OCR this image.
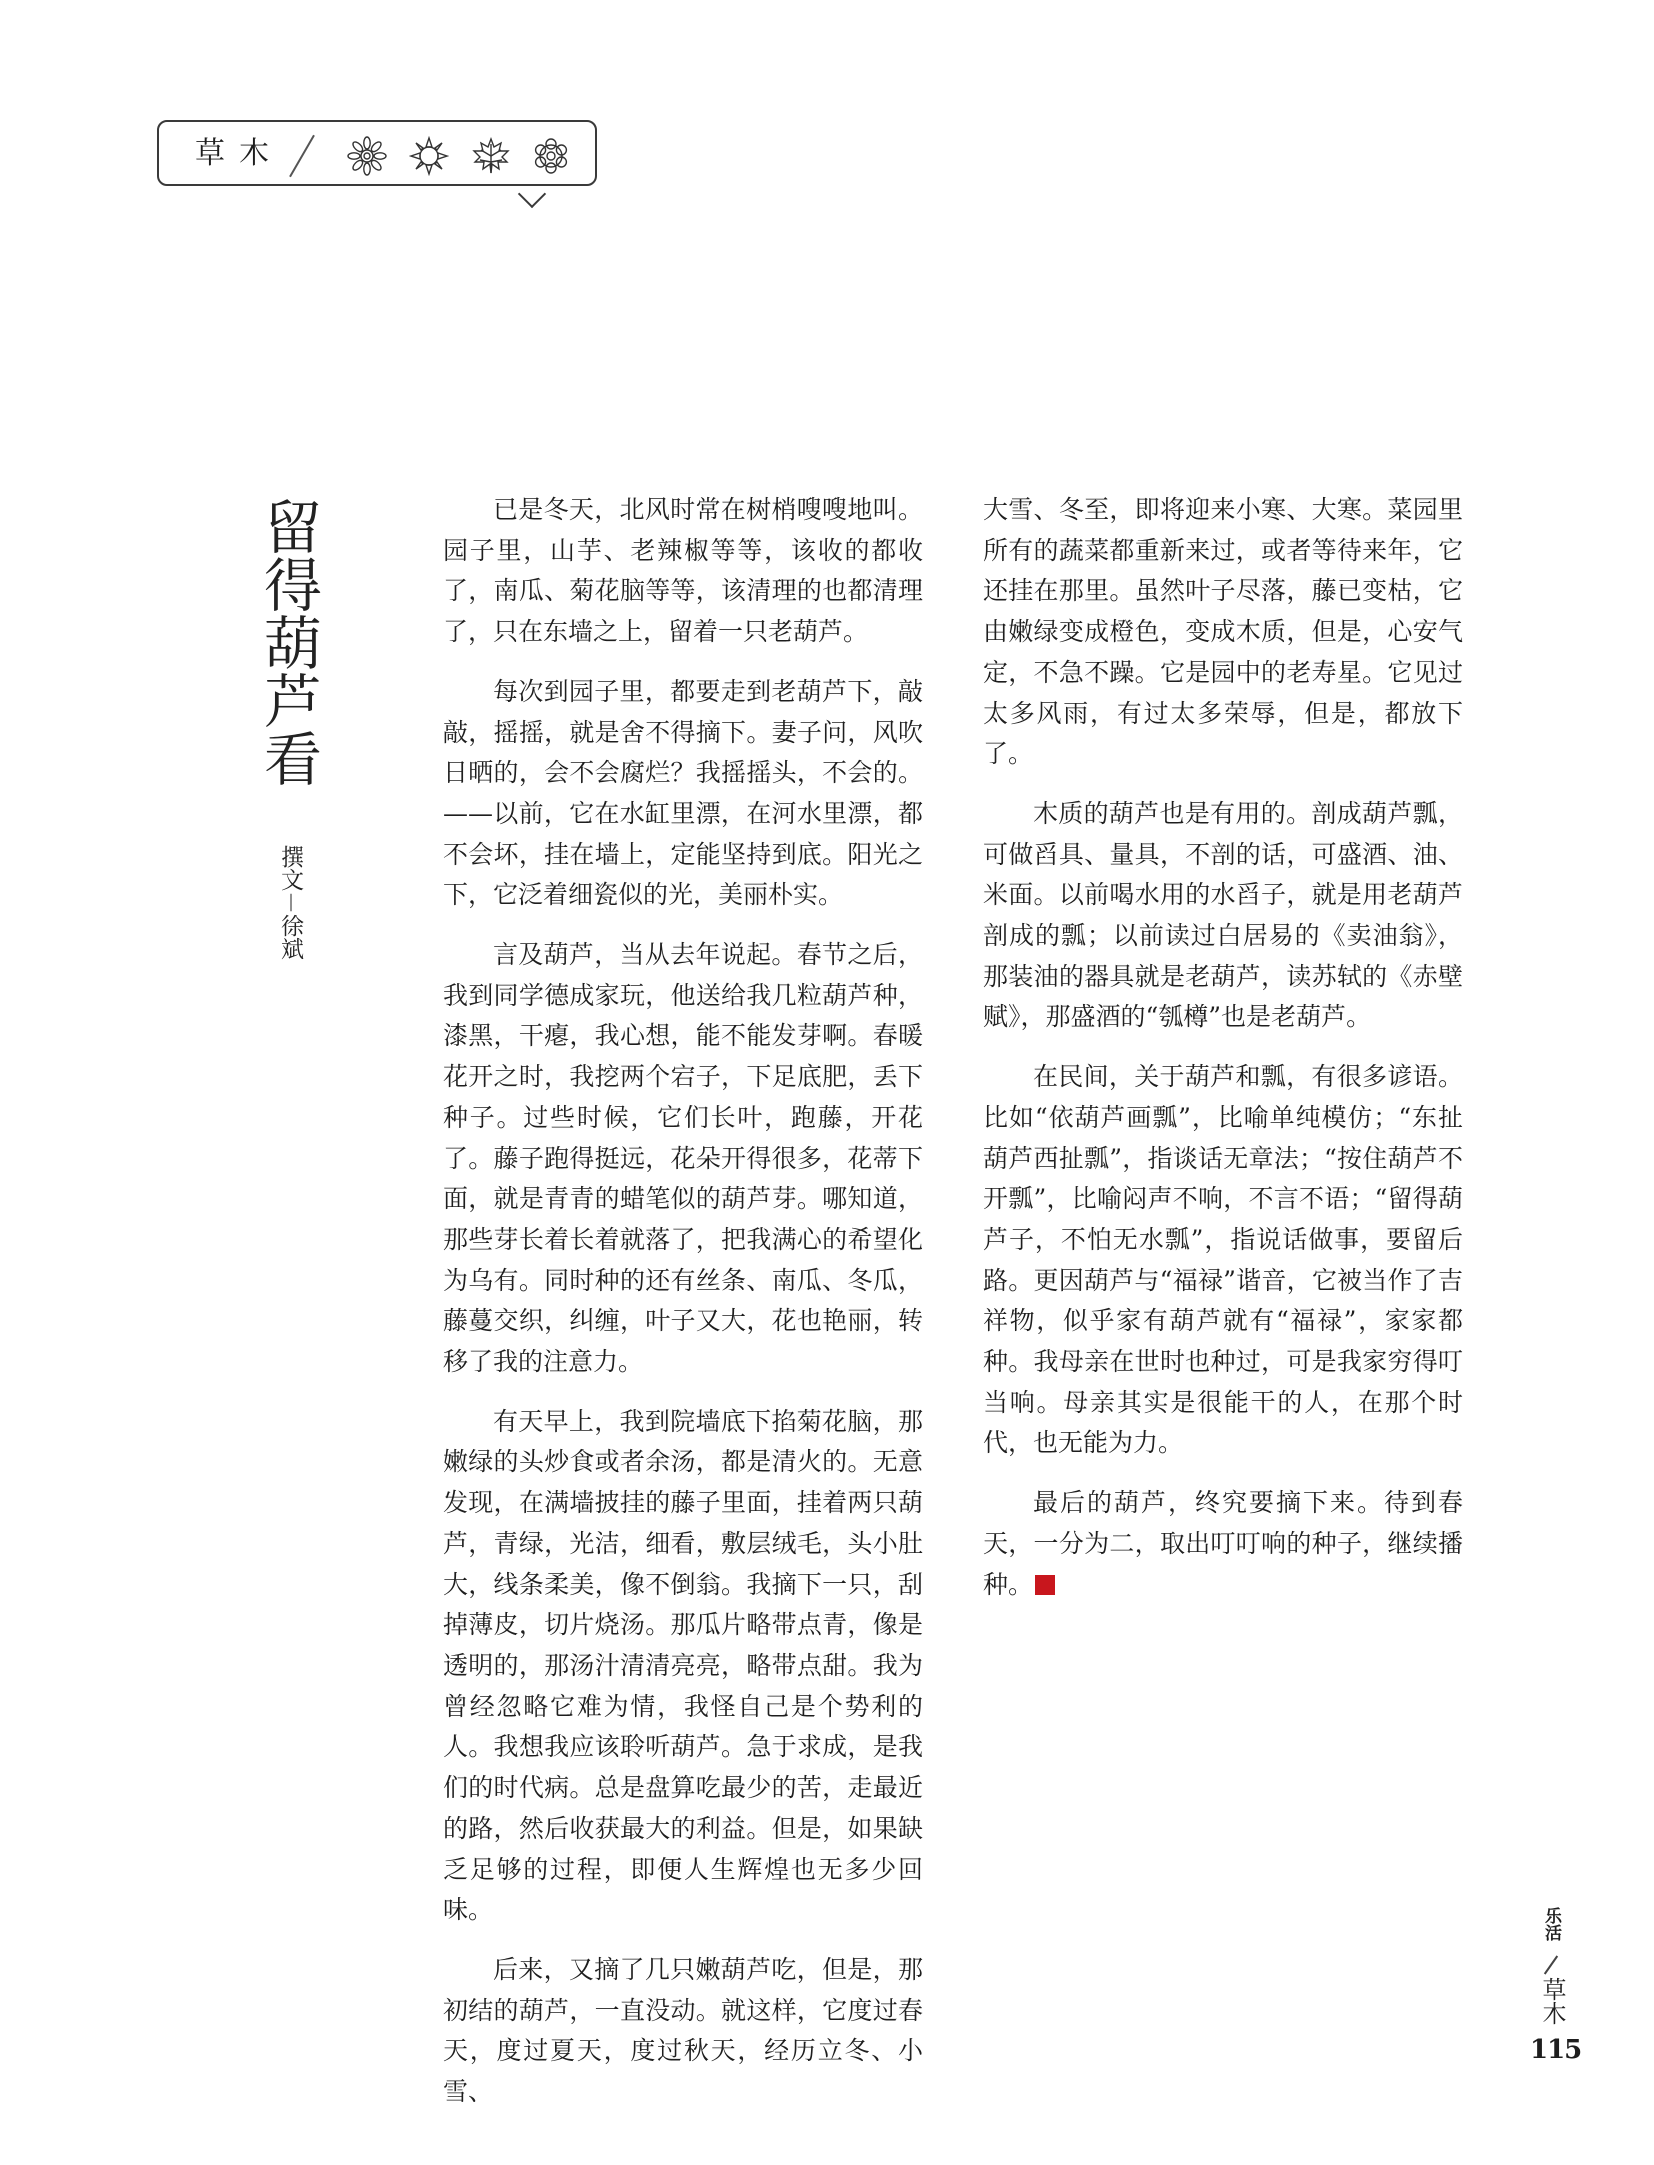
草木
留得葫芦看
撰文－徐斌

已是冬天，北风时常在树梢嗖嗖地叫。园子里，山芋、老辣椒等等，该收的都收了，南瓜、菊花脑等等，该清理的也都清理了，只在东墙之上，留着一只老葫芦。

每次到园子里，都要走到老葫芦下，敲敲，摇摇，就是舍不得摘下。妻子问，风吹日晒的，会不会腐烂？我摇摇头，不会的。——以前，它在水缸里漂，在河水里漂，都不会坏，挂在墙上，定能坚持到底。阳光之下，它泛着细瓷似的光，美丽朴实。

言及葫芦，当从去年说起。春节之后，我到同学德成家玩，他送给我几粒葫芦种，漆黑，干瘪，我心想，能不能发芽啊。春暖花开之时，我挖两个宕子，下足底肥，丢下种子。过些时候，它们长叶，跑藤，开花了。藤子跑得挺远，花朵开得很多，花蒂下面，就是青青的蜡笔似的葫芦芽。哪知道，那些芽长着长着就落了，把我满心的希望化为乌有。同时种的还有丝条、南瓜、冬瓜，藤蔓交织，纠缠，叶子又大，花也艳丽，转移了我的注意力。

有天早上，我到院墙底下掐菊花脑，那嫩绿的头炒食或者余汤，都是清火的。无意发现，在满墙披挂的藤子里面，挂着两只葫芦，青绿，光洁，细看，敷层绒毛，头小肚大，线条柔美，像不倒翁。我摘下一只，刮掉薄皮，切片烧汤。那瓜片略带点青，像是透明的，那汤汁清清亮亮，略带点甜。我为曾经忽略它难为情，我怪自己是个势利的人。我想我应该聆听葫芦。急于求成，是我们的时代病。总是盘算吃最少的苦，走最近的路，然后收获最大的利益。但是，如果缺乏足够的过程，即便人生辉煌也无多少回味。

后来，又摘了几只嫩葫芦吃，但是，那初结的葫芦，一直没动。就这样，它度过春天，度过夏天，度过秋天，经历立冬、小雪、

大雪、冬至，即将迎来小寒、大寒。菜园里所有的蔬菜都重新来过，或者等待来年，它还挂在那里。虽然叶子尽落，藤已变枯，它由嫩绿变成橙色，变成木质，但是，心安气定，不急不躁。它是园中的老寿星。它见过太多风雨，有过太多荣辱，但是，都放下了。

木质的葫芦也是有用的。剖成葫芦瓢，可做舀具、量具，不剖的话，可盛酒、油、米面。以前喝水用的水舀子，就是用老葫芦剖成的瓢；以前读过白居易的《卖油翁》，那装油的器具就是老葫芦，读苏轼的《赤壁赋》，那盛酒的“瓠樽”也是老葫芦。

在民间，关于葫芦和瓢，有很多谚语。比如“依葫芦画瓢”，比喻单纯模仿；“东扯葫芦西扯瓢”，指谈话无章法；“按住葫芦不开瓢”，比喻闷声不响，不言不语；“留得葫芦子，不怕无水瓢”，指说话做事，要留后路。更因葫芦与“福禄”谐音，它被当作了吉祥物，似乎家有葫芦就有“福禄”，家家都种。我母亲在世时也种过，可是我家穷得叮当响。母亲其实是很能干的人，在那个时代，也无能为力。

最后的葫芦，终究要摘下来。待到春天，一分为二，取出叮叮响的种子，继续播种。

乐活
草木
115
